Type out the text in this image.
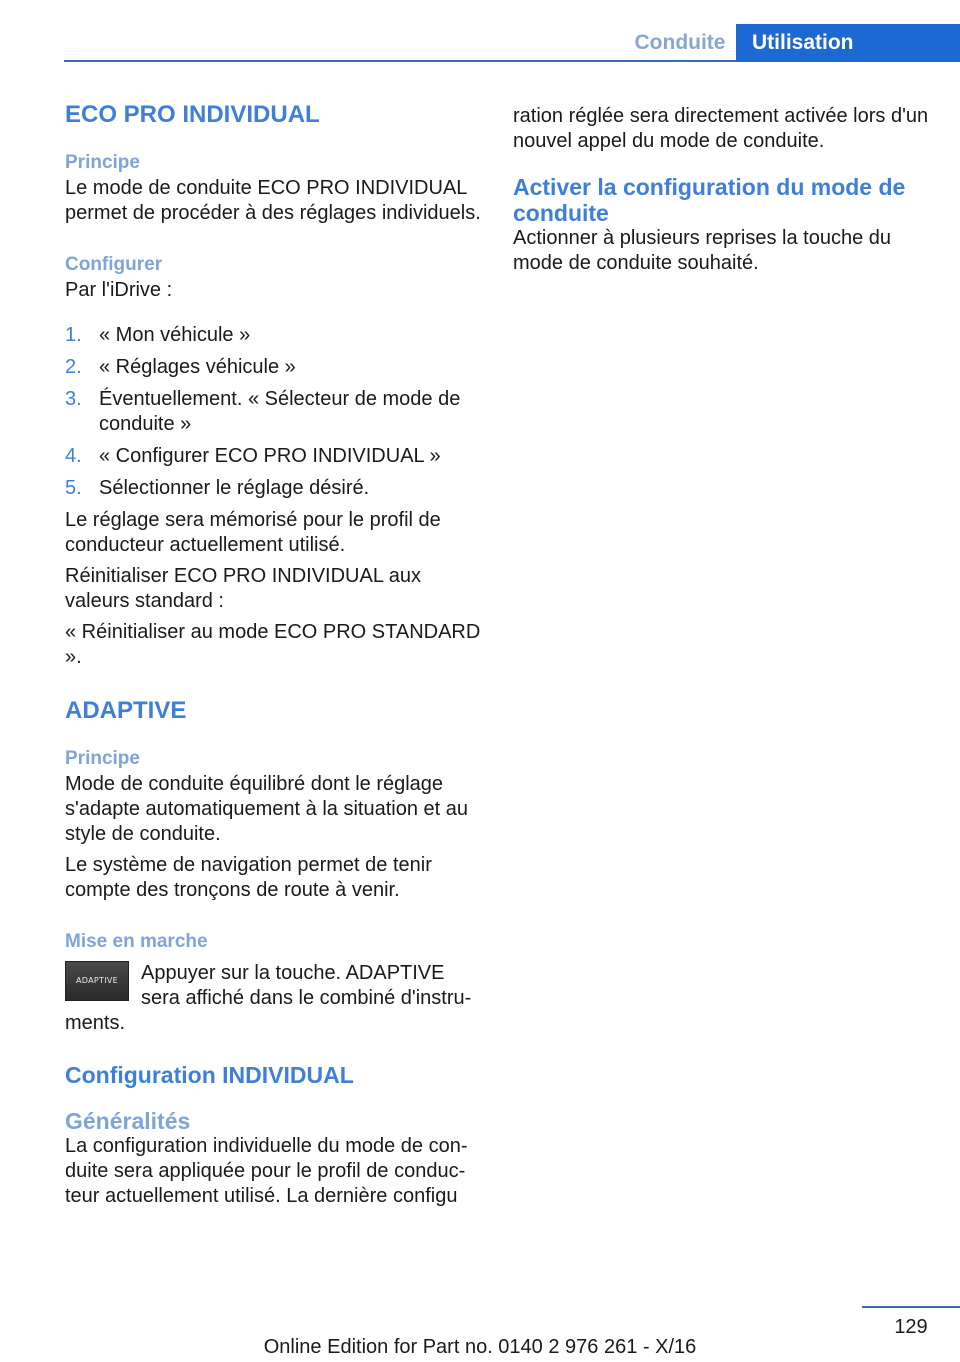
Conduite	Utilisation
ECO PRO INDIVIDUAL
Principe

Le mode de conduite ECO PRO INDIVIDUAL permet de procéder à des réglages individuels.

Configurer

Par l'iDrive :

1. « Mon véhicule »
2. « Réglages véhicule »
3. Éventuellement. « Sélecteur de mode de conduite »
4. « Configurer ECO PRO INDIVIDUAL »
5. Sélectionner le réglage désiré.

Le réglage sera mémorisé pour le profil de conducteur actuellement utilisé.

Réinitialiser ECO PRO INDIVIDUAL aux valeurs standard :

« Réinitialiser au mode ECO PRO STANDARD ».

ADAPTIVE
Principe

Mode de conduite équilibré dont le réglage s'adapte automatiquement à la situation et au style de conduite.

Le système de navigation permet de tenir compte des tronçons de route à venir.

Mise en marche
ADAPTIVE	Appuyer sur la touche. ADAPTIVE sera affiché dans le combiné d'instruments.

Configuration INDIVIDUAL
Généralités

La configuration individuelle du mode de conduite sera appliquée pour le profil de conducteur actuellement utilisé. La dernière configu

ration réglée sera directement activée lors d'un nouvel appel du mode de conduite.

Activer la configuration du mode de conduite

Actionner à plusieurs reprises la touche du mode de conduite souhaité.

129
Online Edition for Part no. 0140 2 976 261 - X/16
